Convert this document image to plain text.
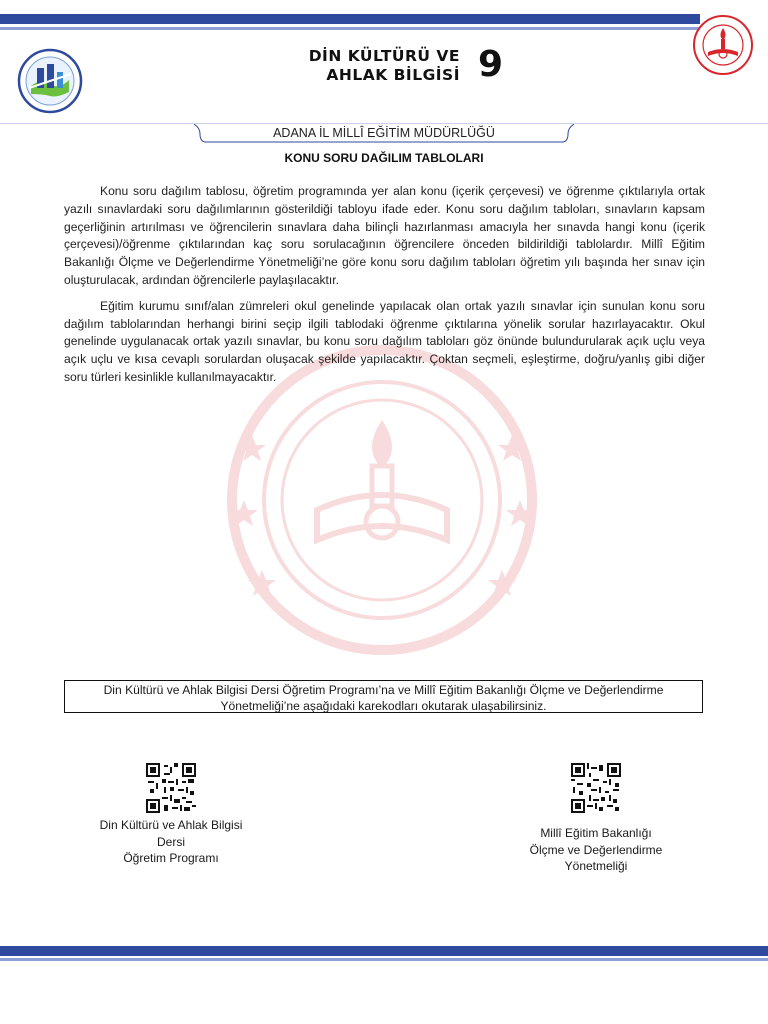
DİN KÜLTÜRÜ VE
AHLAK BİLGİSİ 9
ADANA İL MİLLÎ EĞİTİM MÜDÜRLÜĞÜ
KONU SORU DAĞILIM TABLOLARI

Konu soru dağılım tablosu, öğretim programında yer alan konu (içerik çerçevesi) ve öğrenme çıktılarıyla ortak yazılı sınavlardaki soru dağılımlarının gösterildiği tabloyu ifade eder. Konu soru dağılım tabloları, sınavların kapsam geçerliğinin artırılması ve öğrencilerin sınavlara daha bilinçli hazırlanması amacıyla her sınavda hangi konu (içerik çerçevesi)/öğrenme çıktılarından kaç soru sorulacağının öğrencilere önceden bildirildiği tablolardır. Millî Eğitim Bakanlığı Ölçme ve Değerlendirme Yönetmeliği’ne göre konu soru dağılım tabloları öğretim yılı başında her sınav için oluşturulacak, ardından öğrencilerle paylaşılacaktır.

Eğitim kurumu sınıf/alan zümreleri okul genelinde yapılacak olan ortak yazılı sınavlar için sunulan konu soru dağılım tablolarından herhangi birini seçip ilgili tablodaki öğrenme çıktılarına yönelik sorular hazırlayacaktır. Okul genelinde uygulanacak ortak yazılı sınavlar, bu konu soru dağılım tabloları göz önünde bulundurularak açık uçlu veya açık uçlu ve kısa cevaplı sorulardan oluşacak şekilde yapılacaktır. Çoktan seçmeli, eşleştirme, doğru/yanlış gibi diğer soru türleri kesinlikle kullanılmayacaktır.

Din Kültürü ve Ahlak Bilgisi Dersi Öğretim Programı’na ve Millî Eğitim Bakanlığı Ölçme ve Değerlendirme Yönetmeliği’ne aşağıdaki karekodları okutarak ulaşabilirsiniz.
Din Kültürü ve Ahlak Bilgisi
Dersi
Öğretim Programı
Millî Eğitim Bakanlığı
Ölçme ve Değerlendirme
Yönetmeliği
